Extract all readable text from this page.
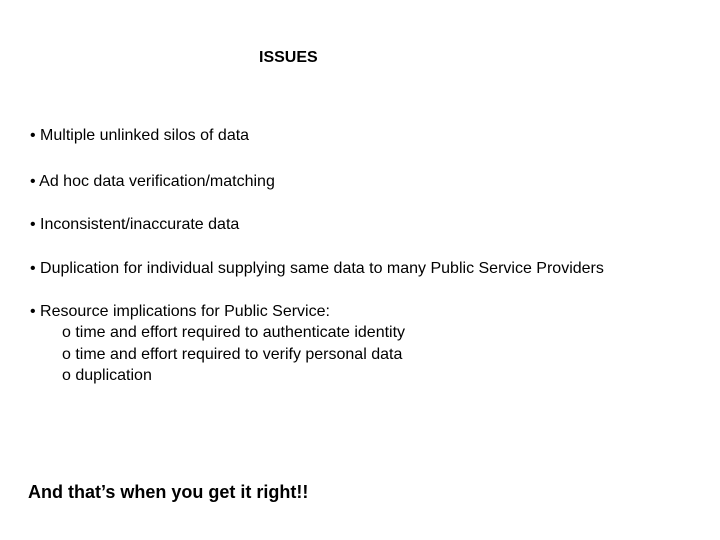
ISSUES
• Multiple unlinked silos of data
• Ad hoc data verification/matching
• Inconsistent/inaccurate data
• Duplication for individual supplying same data to many Public Service Providers
• Resource implications for Public Service:
o time and effort required to authenticate identity
o time and effort required to verify personal data
o duplication
And that’s when you get it right!!
